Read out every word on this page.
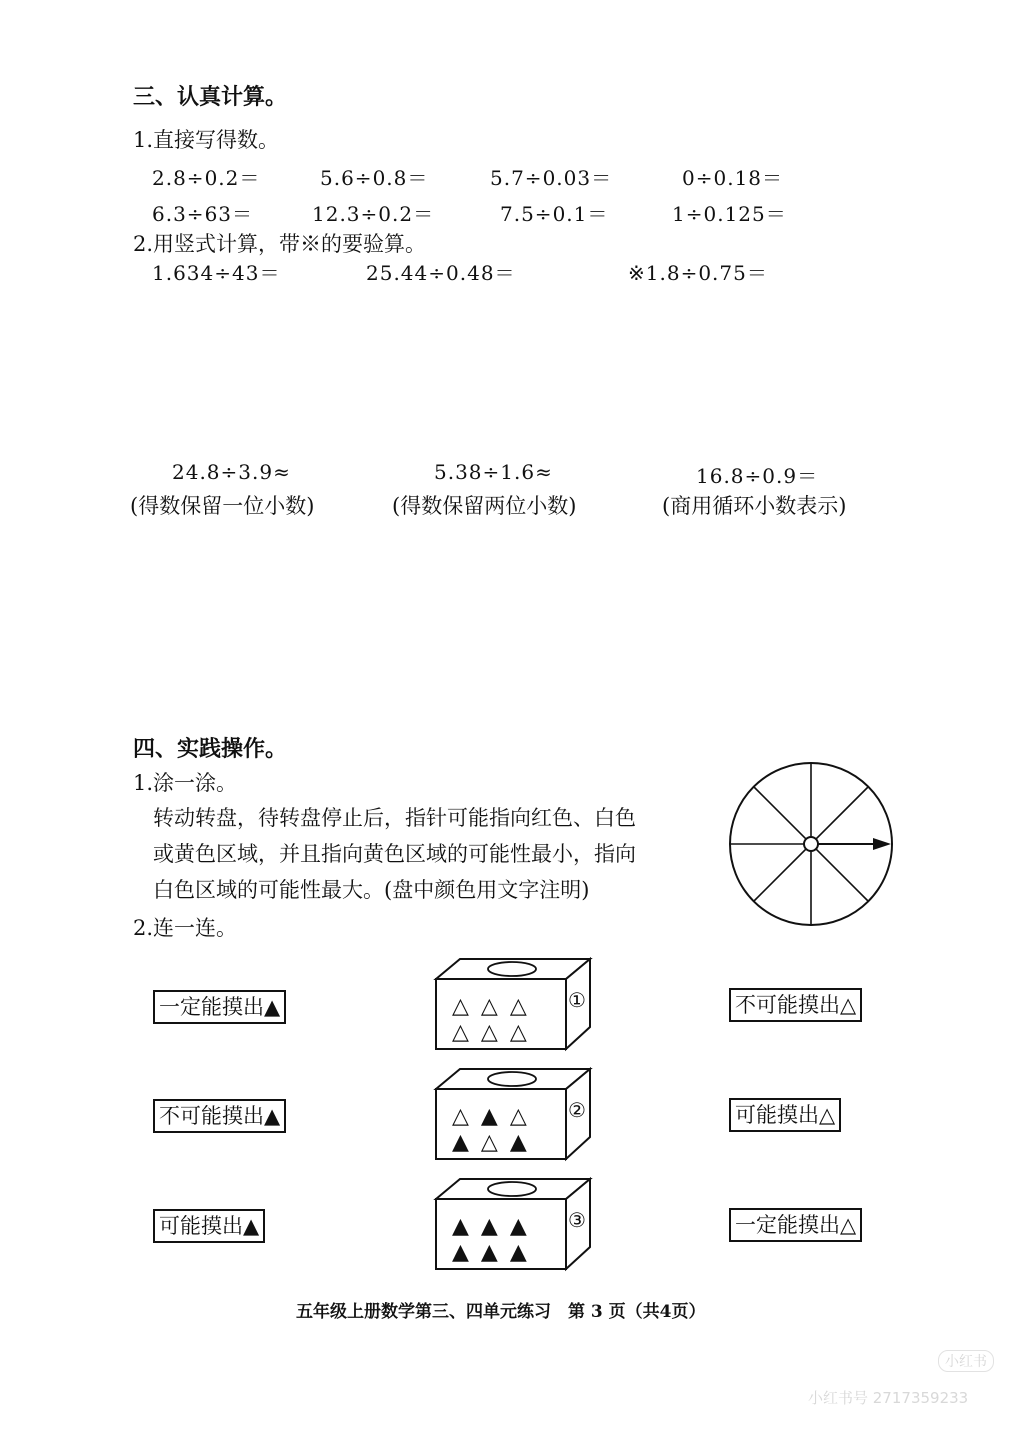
三、认真计算。
1.直接写得数。
2.8÷0.2＝	5.6÷0.8＝	5.7÷0.03＝	0÷0.18＝
6.3÷63＝	12.3÷0.2＝	7.5÷0.1＝	1÷0.125＝
2.用竖式计算，带※的要验算。
1.634÷43＝	25.44÷0.48＝	※1.8÷0.75＝
24.8÷3.9≈	5.38÷1.6≈	16.8÷0.9＝
(得数保留一位小数)	(得数保留两位小数)	(商用循环小数表示)
四、实践操作。
1.涂一涂。
转动转盘，待转盘停止后，指针可能指向红色、白色
或黄色区域，并且指向黄色区域的可能性最小，指向
白色区域的可能性最大。(盘中颜色用文字注明)
2.连一连。
一定能摸出▲
不可能摸出▲
可能摸出▲
不可能摸出△
可能摸出△
一定能摸出△
①
△△△
△△△
②
△▲△
▲△▲
③
▲▲▲
▲▲▲
五年级上册数学第三、四单元练习　第 3 页（共4页）
小红书
小红书号 2717359233
